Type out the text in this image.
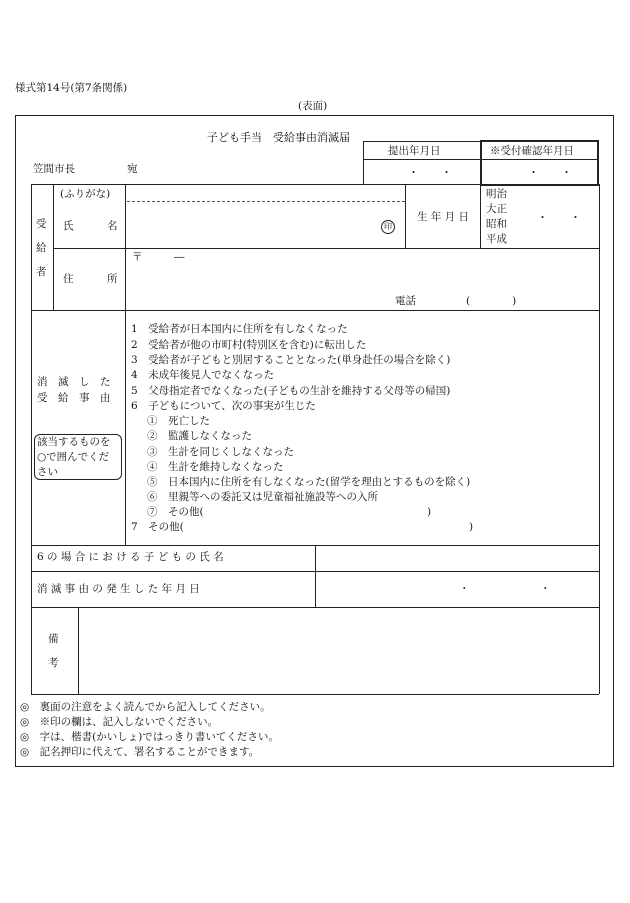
様式第14号(第7条関係)
(表面)
子ども手当　受給事由消滅届
笠間市長	宛
提出年月日
・　　・
※受付確認年月日
・　　・
受
給
者
(ふりがな)
氏	名	印
生 年 月 日
明治
大正
昭和
平成
・　　・
住	所
〒　　　―
電話	(　　　　)
消　滅　し　た
受　給　事　由
該当するものを
○で囲んでくだ
さい
1　受給者が日本国内に住所を有しなくなった
2　受給者が他の市町村(特別区を含む)に転出した
3　受給者が子どもと別居することとなった(単身赴任の場合を除く)
4　未成年後見人でなくなった
5　父母指定者でなくなった(子どもの生計を維持する父母等の帰国)
6　子どもについて、次の事実が生じた
①　死亡した
②　監護しなくなった
③　生計を同じくしなくなった
④　生計を維持しなくなった
⑤　日本国内に住所を有しなくなった(留学を理由とするものを除く)
⑥　里親等への委託又は児童福祉施設等への入所
⑦　その他(	)
7　その他(	)
6 の 場 合 に お け る 子 ど も の 氏 名
消 滅 事 由 の 発 生 し た 年 月 日	・	・
備
考
◎　裏面の注意をよく読んでから記入してください。
◎　※印の欄は、記入しないでください。
◎　字は、楷書(かいしょ)ではっきり書いてください。
◎　記名押印に代えて、署名することができます。
